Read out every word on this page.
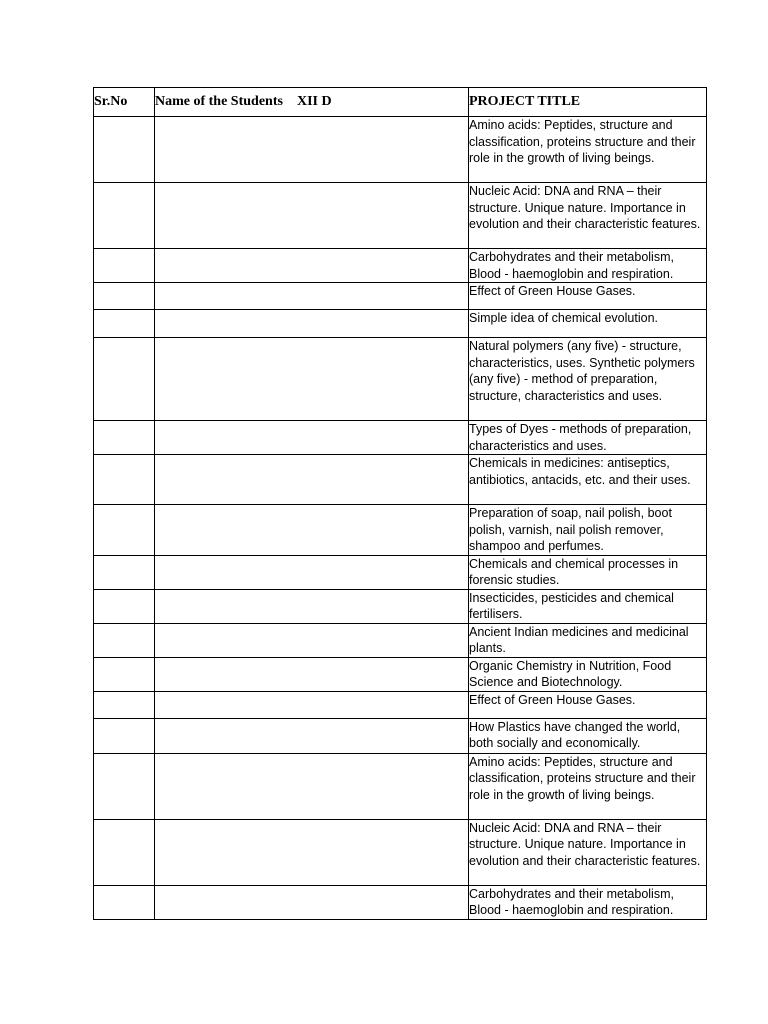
Sr.No	Name of the Students XII D	PROJECT TITLE
		Amino acids: Peptides, structure and classification, proteins structure and their role in the growth of living beings.
		Nucleic Acid: DNA and RNA – their structure. Unique nature. Importance in evolution and their characteristic features.
		Carbohydrates and their metabolism, Blood - haemoglobin and respiration.
		Effect of Green House Gases.
		Simple idea of chemical evolution.
		Natural polymers (any five) - structure, characteristics, uses. Synthetic polymers (any five) - method of preparation, structure, characteristics and uses.
		Types of Dyes - methods of preparation, characteristics and uses.
		Chemicals in medicines: antiseptics, antibiotics, antacids, etc. and their uses.
		Preparation of soap, nail polish, boot polish, varnish, nail polish remover, shampoo and perfumes.
		Chemicals and chemical processes in forensic studies.
		Insecticides, pesticides and chemical fertilisers.
		Ancient Indian medicines and medicinal plants.
		Organic Chemistry in Nutrition, Food Science and Biotechnology.
		Effect of Green House Gases.
		How Plastics have changed the world, both socially and economically.
		Amino acids: Peptides, structure and classification, proteins structure and their role in the growth of living beings.
		Nucleic Acid: DNA and RNA – their structure. Unique nature. Importance in evolution and their characteristic features.
		Carbohydrates and their metabolism, Blood - haemoglobin and respiration.
